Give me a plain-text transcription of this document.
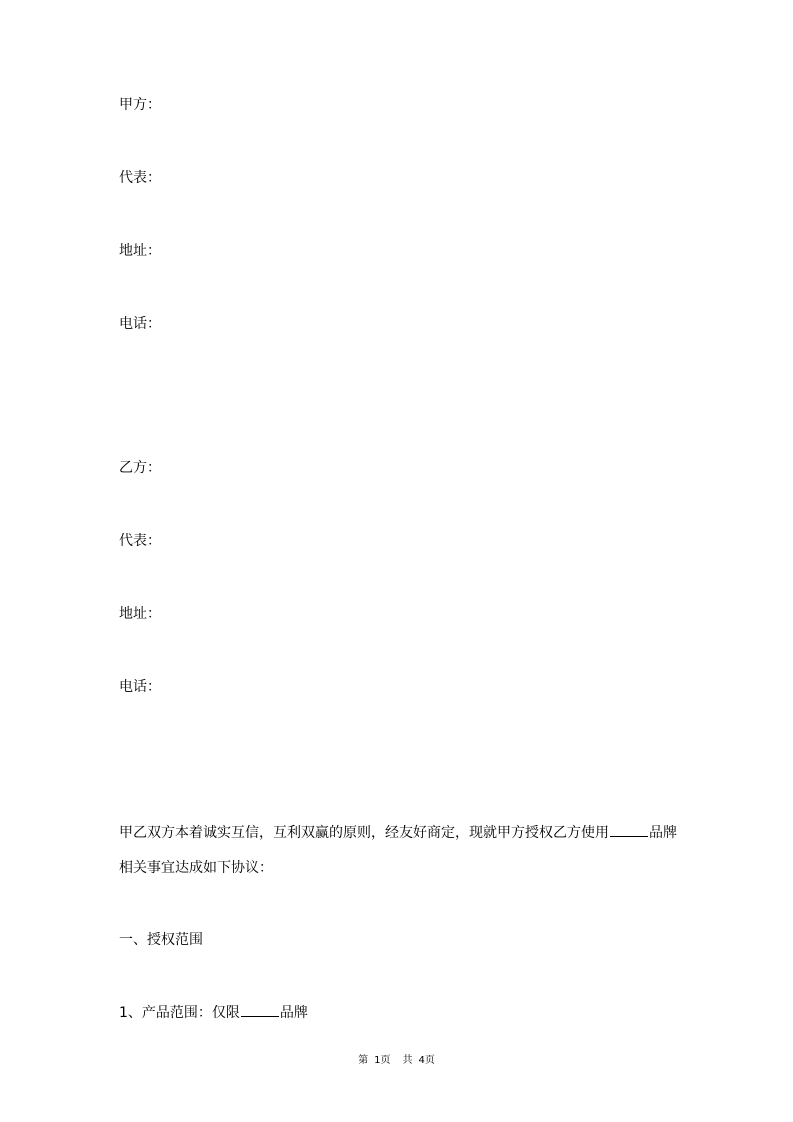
甲方：
代表：
地址：
电话：
乙方：
代表：
地址：
电话：
甲乙双方本着诚实互信，互利双赢的原则，经友好商定，现就甲方授权乙方使用	品牌
相关事宜达成如下协议：
一、授权范围
1、产品范围：仅限	品牌
第 1页 共 4页
